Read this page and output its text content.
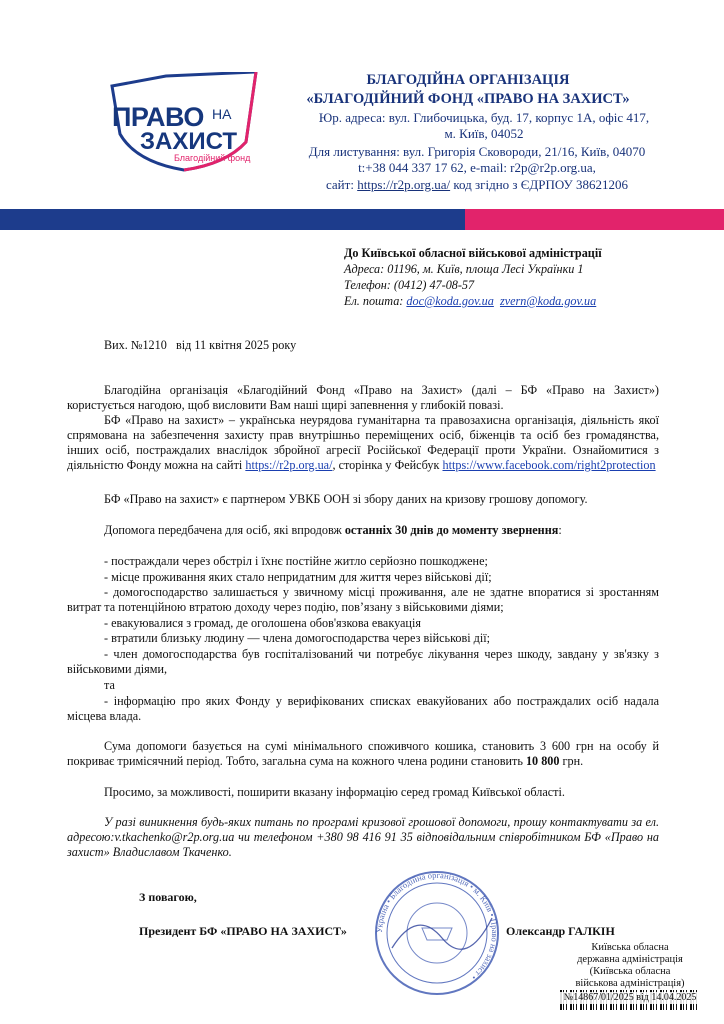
ПРАВО НА
ЗАХИСТ
Благодійний фонд
БЛАГОДІЙНА ОРГАНІЗАЦІЯ
«БЛАГОДІЙНИЙ ФОНД «ПРАВО НА ЗАХИСТ»
Юр. адреса: вул. Глибочицька, буд. 17, корпус 1А, офіс 417,
м. Київ, 04052
Для листування: вул. Григорія Сковороди, 21/16, Київ, 04070
t:+38 044 337 17 62, e-mail: r2p@r2p.org.ua,
сайт: https://r2p.org.ua/ код згідно з ЄДРПОУ 38621206
До Київської обласної військової адміністрації
Адреса: 01196, м. Київ, площа Лесі Українки 1
Телефон: (0412) 47-08-57
Ел. пошта: doc@koda.gov.ua zvern@koda.gov.ua
Вих. №1210   від 11 квітня 2025 року
Благодійна організація «Благодійний Фонд «Право на Захист» (далі – БФ «Право на Захист») користується нагодою, щоб висловити Вам наші щирі запевнення у глибокій повазі.
БФ «Право на захист» – українська неурядова гуманітарна та правозахисна організація, діяльність якої спрямована на забезпечення захисту прав внутрішньо переміщених осіб, біженців та осіб без громадянства, інших осіб, постраждалих внаслідок збройної агресії Російської Федерації проти України. Ознайомитися з діяльністю Фонду можна на сайті https://r2p.org.ua/, сторінка у Фейсбук https://www.facebook.com/right2protection
БФ «Право на захист» є партнером УВКБ ООН зі збору даних на кризову грошову допомогу.
Допомога передбачена для осіб, які впродовж останніх 30 днів до моменту звернення:
- постраждали через обстріл і їхнє постійне житло серйозно пошкоджене;
- місце проживання яких стало непридатним для життя через військові дії;
- домогосподарство залишається у звичному місці проживання, але не здатне впоратися зі зростанням витрат та потенційною втратою доходу через подію, пов’язану з військовими діями;
- евакуювалися з громад, де оголошена обов'язкова евакуація
- втратили близьку людину — члена домогосподарства через військові дії;
- член домогосподарства був госпіталізований чи потребує лікування через шкоду, завдану у зв'язку з військовими діями,
та
- інформацію про яких Фонду у верифікованих списках евакуйованих або постраждалих осіб надала місцева влада.
Сума допомоги базується на сумі мінімального споживчого кошика, становить 3 600 грн на особу й покриває тримісячний період. Тобто, загальна сума на кожного члена родини становить 10 800 грн.
Просимо, за можливості, поширити вказану інформацію серед громад Київської області.
У разі виникнення будь-яких питань по програмі кризової грошової допомоги, прошу контактувати за ел. адресою:v.tkachenko@r2p.org.ua чи телефоном +380 98 416 91 35 відповідальним співробітником БФ «Право на захист» Владиславом Ткаченко.
З повагою,
Президент БФ «ПРАВО НА ЗАХИСТ»	Олександр ГАЛКІН
Україна • Благодійна організація • м. Київ • Право на захист •
Київська обласна
державна адміністрація
(Київська обласна
військова адміністрація)
№14867/01/2025 від 14.04.2025
